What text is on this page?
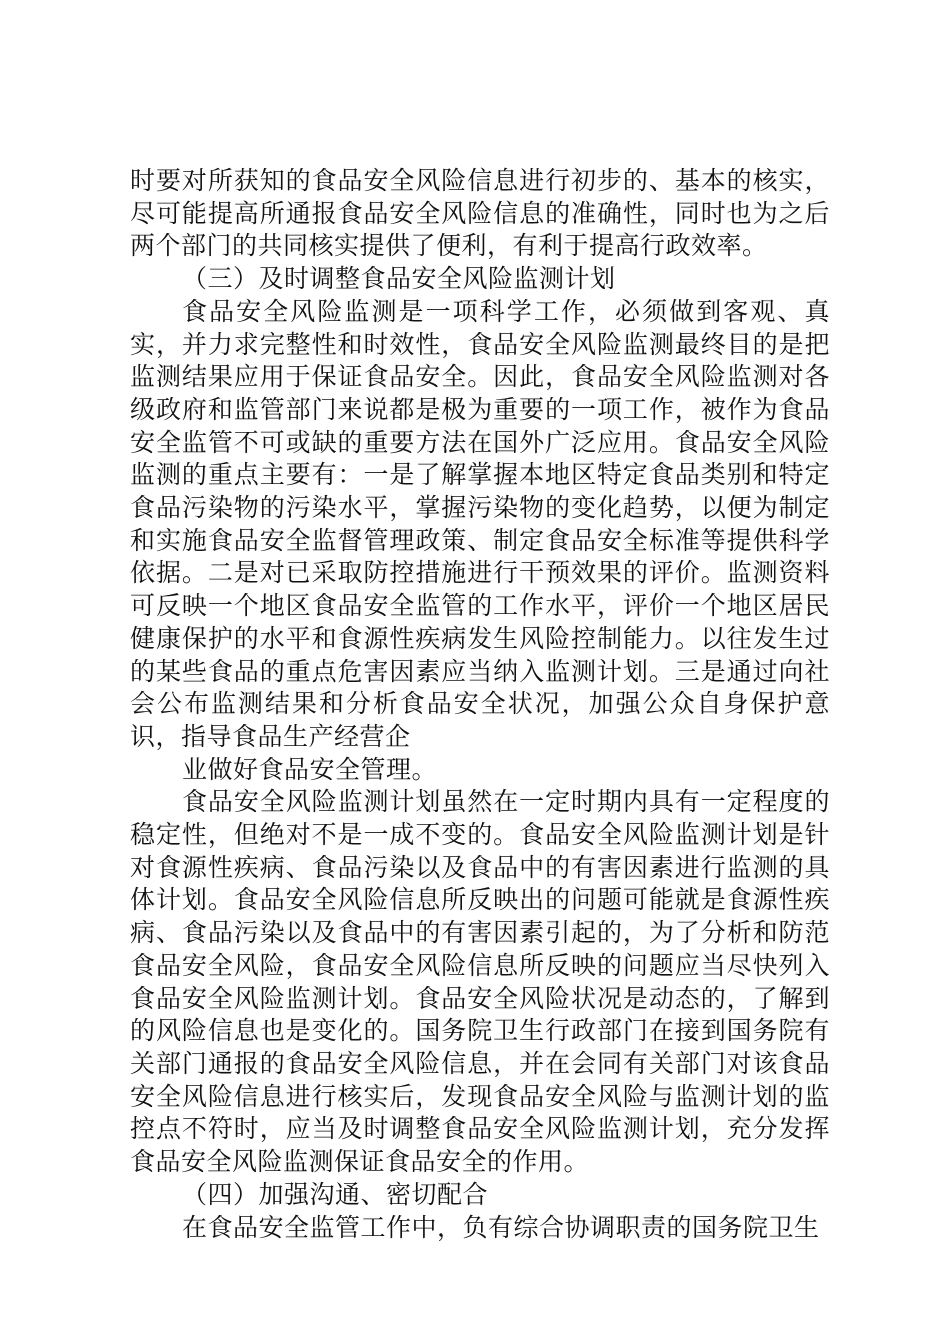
时要对所获知的食品安全风险信息进行初步的、基本的核实，尽可能提高所通报食品安全风险信息的准确性，同时也为之后两个部门的共同核实提供了便利，有利于提高行政效率。

（三）及时调整食品安全风险监测计划

食品安全风险监测是一项科学工作，必须做到客观、真实，并力求完整性和时效性，食品安全风险监测最终目的是把监测结果应用于保证食品安全。因此，食品安全风险监测对各级政府和监管部门来说都是极为重要的一项工作，被作为食品安全监管不可或缺的重要方法在国外广泛应用。食品安全风险监测的重点主要有：一是了解掌握本地区特定食品类别和特定食品污染物的污染水平，掌握污染物的变化趋势，以便为制定和实施食品安全监督管理政策、制定食品安全标准等提供科学依据。二是对已采取防控措施进行干预效果的评价。监测资料可反映一个地区食品安全监管的工作水平，评价一个地区居民健康保护的水平和食源性疾病发生风险控制能力。以往发生过的某些食品的重点危害因素应当纳入监测计划。三是通过向社会公布监测结果和分析食品安全状况，加强公众自身保护意识，指导食品生产经营企

业做好食品安全管理。

食品安全风险监测计划虽然在一定时期内具有一定程度的稳定性，但绝对不是一成不变的。食品安全风险监测计划是针对食源性疾病、食品污染以及食品中的有害因素进行监测的具体计划。食品安全风险信息所反映出的问题可能就是食源性疾病、食品污染以及食品中的有害因素引起的，为了分析和防范食品安全风险，食品安全风险信息所反映的问题应当尽快列入食品安全风险监测计划。食品安全风险状况是动态的，了解到的风险信息也是变化的。国务院卫生行政部门在接到国务院有关部门通报的食品安全风险信息，并在会同有关部门对该食品安全风险信息进行核实后，发现食品安全风险与监测计划的监控点不符时，应当及时调整食品安全风险监测计划，充分发挥食品安全风险监测保证食品安全的作用。

（四）加强沟通、密切配合

在食品安全监管工作中，负有综合协调职责的国务院卫生
